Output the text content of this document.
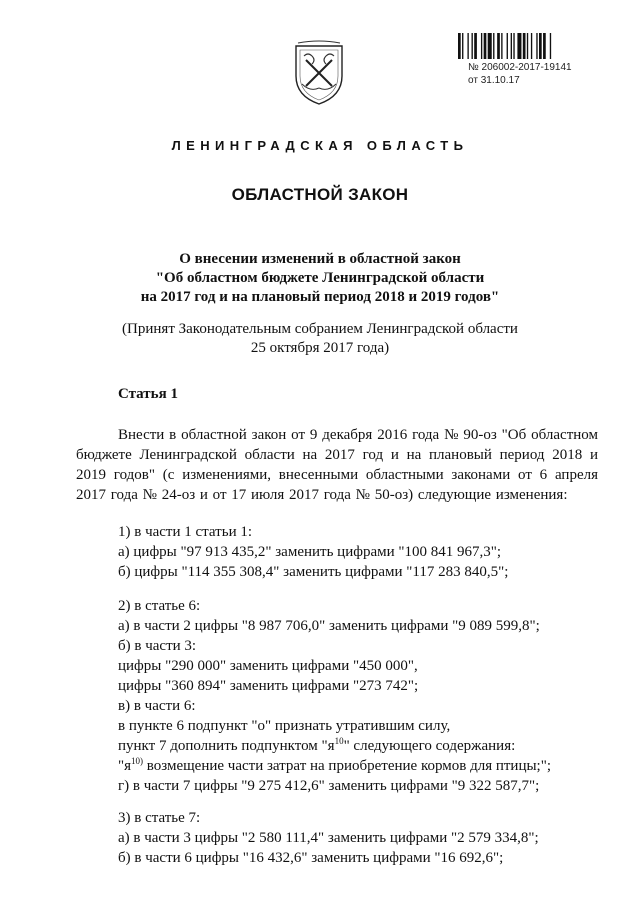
№ 206002-2017-19141
от 31.10.17
ЛЕНИНГРАДСКАЯ ОБЛАСТЬ
ОБЛАСТНОЙ ЗАКОН
О внесении изменений в областной закон
"Об областном бюджете Ленинградской области
на 2017 год и на плановый период 2018 и 2019 годов"
(Принят Законодательным собранием Ленинградской области
25 октября 2017 года)
Статья 1

Внести в областной закон от 9 декабря 2016 года № 90-оз "Об областном бюджете Ленинградской области на 2017 год и на плановый период 2018 и 2019 годов" (с изменениями, внесенными областными законами от 6 апреля 2017 года № 24-оз и от 17 июля 2017 года № 50-оз) следующие изменения:

1) в части 1 статьи 1:
а) цифры "97 913 435,2" заменить цифрами "100 841 967,3";
б) цифры "114 355 308,4" заменить цифрами "117 283 840,5";
2) в статье 6:
а) в части 2 цифры "8 987 706,0" заменить цифрами "9 089 599,8";
б) в части 3:
цифры "290 000" заменить цифрами "450 000",
цифры "360 894" заменить цифрами "273 742";
в) в части 6:
в пункте 6 подпункт "о" признать утратившим силу,
пункт 7 дополнить подпунктом "$я^{10}$" следующего содержания:
"$я^{10)}$ возмещение части затрат на приобретение кормов для птицы;";
г) в части 7 цифры "9 275 412,6" заменить цифрами "9 322 587,7";
3) в статье 7:
а) в части 3 цифры "2 580 111,4" заменить цифрами "2 579 334,8";
б) в части 6 цифры "16 432,6" заменить цифрами "16 692,6";
